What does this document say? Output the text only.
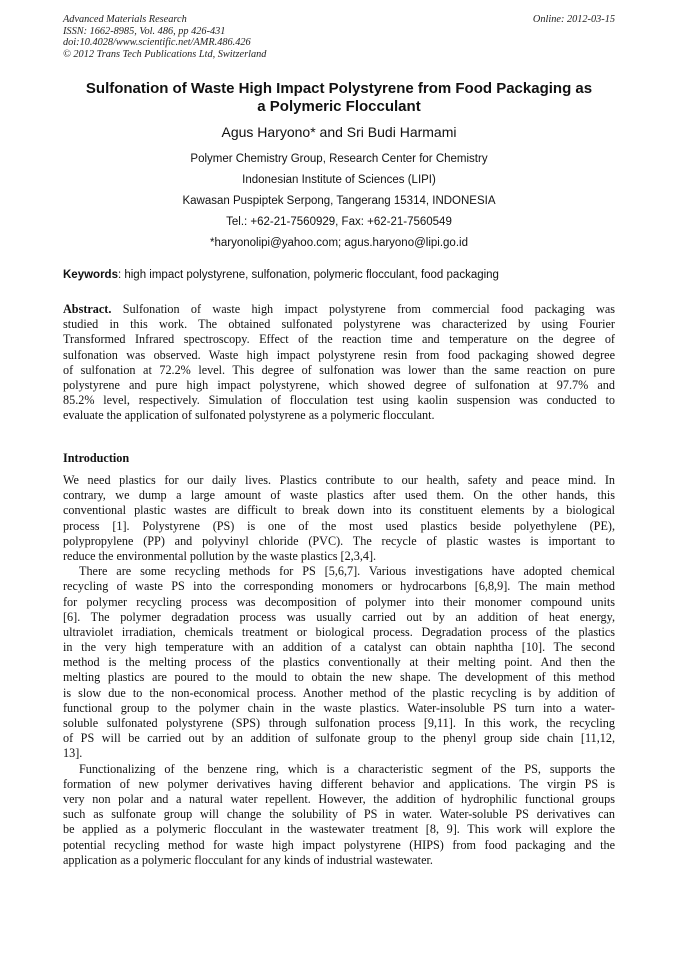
Advanced Materials Research
ISSN: 1662-8985, Vol. 486, pp 426-431
doi:10.4028/www.scientific.net/AMR.486.426
© 2012 Trans Tech Publications Ltd, Switzerland
Online: 2012-03-15
Sulfonation of Waste High Impact Polystyrene from Food Packaging as
a Polymeric Flocculant
Agus Haryono* and Sri Budi Harmami
Polymer Chemistry Group, Research Center for Chemistry
Indonesian Institute of Sciences (LIPI)
Kawasan Puspiptek Serpong, Tangerang 15314, INDONESIA
Tel.: +62-21-7560929, Fax: +62-21-7560549
*haryonolipi@yahoo.com; agus.haryono@lipi.go.id
Keywords: high impact polystyrene, sulfonation, polymeric flocculant, food packaging
Abstract. Sulfonation of waste high impact polystyrene from commercial food packaging was
studied in this work. The obtained sulfonated polystyrene was characterized by using Fourier
Transformed Infrared spectroscopy. Effect of the reaction time and temperature on the degree of
sulfonation was observed. Waste high impact polystyrene resin from food packaging showed degree
of sulfonation at 72.2% level. This degree of sulfonation was lower than the same reaction on pure
polystyrene and pure high impact polystyrene, which showed degree of sulfonation at 97.7% and
85.2% level, respectively. Simulation of flocculation test using kaolin suspension was conducted to
evaluate the application of sulfonated polystyrene as a polymeric flocculant.
Introduction
We need plastics for our daily lives. Plastics contribute to our health, safety and peace mind. In
contrary, we dump a large amount of waste plastics after used them. On the other hands, this
conventional plastic wastes are difficult to break down into its constituent elements by a biological
process [1]. Polystyrene (PS) is one of the most used plastics beside polyethylene (PE),
polypropylene (PP) and polyvinyl chloride (PVC). The recycle of plastic wastes is important to
reduce the environmental pollution by the waste plastics [2,3,4].
There are some recycling methods for PS [5,6,7]. Various investigations have adopted chemical
recycling of waste PS into the corresponding monomers or hydrocarbons [6,8,9]. The main method
for polymer recycling process was decomposition of polymer into their monomer compound units
[6]. The polymer degradation process was usually carried out by an addition of heat energy,
ultraviolet irradiation, chemicals treatment or biological process. Degradation process of the plastics
in the very high temperature with an addition of a catalyst can obtain naphtha [10]. The second
method is the melting process of the plastics conventionally at their melting point. And then the
melting plastics are poured to the mould to obtain the new shape. The development of this method
is slow due to the non-economical process. Another method of the plastic recycling is by addition of
functional group to the polymer chain in the waste plastics. Water-insoluble PS turn into a water-
soluble sulfonated polystyrene (SPS) through sulfonation process [9,11]. In this work, the recycling
of PS will be carried out by an addition of sulfonate group to the phenyl group side chain [11,12,
13].
Functionalizing of the benzene ring, which is a characteristic segment of the PS, supports the
formation of new polymer derivatives having different behavior and applications. The virgin PS is
very non polar and a natural water repellent. However, the addition of hydrophilic functional groups
such as sulfonate group will change the solubility of PS in water. Water-soluble PS derivatives can
be applied as a polymeric flocculant in the wastewater treatment [8, 9]. This work will explore the
potential recycling method for waste high impact polystyrene (HIPS) from food packaging and the
application as a polymeric flocculant for any kinds of industrial wastewater.
